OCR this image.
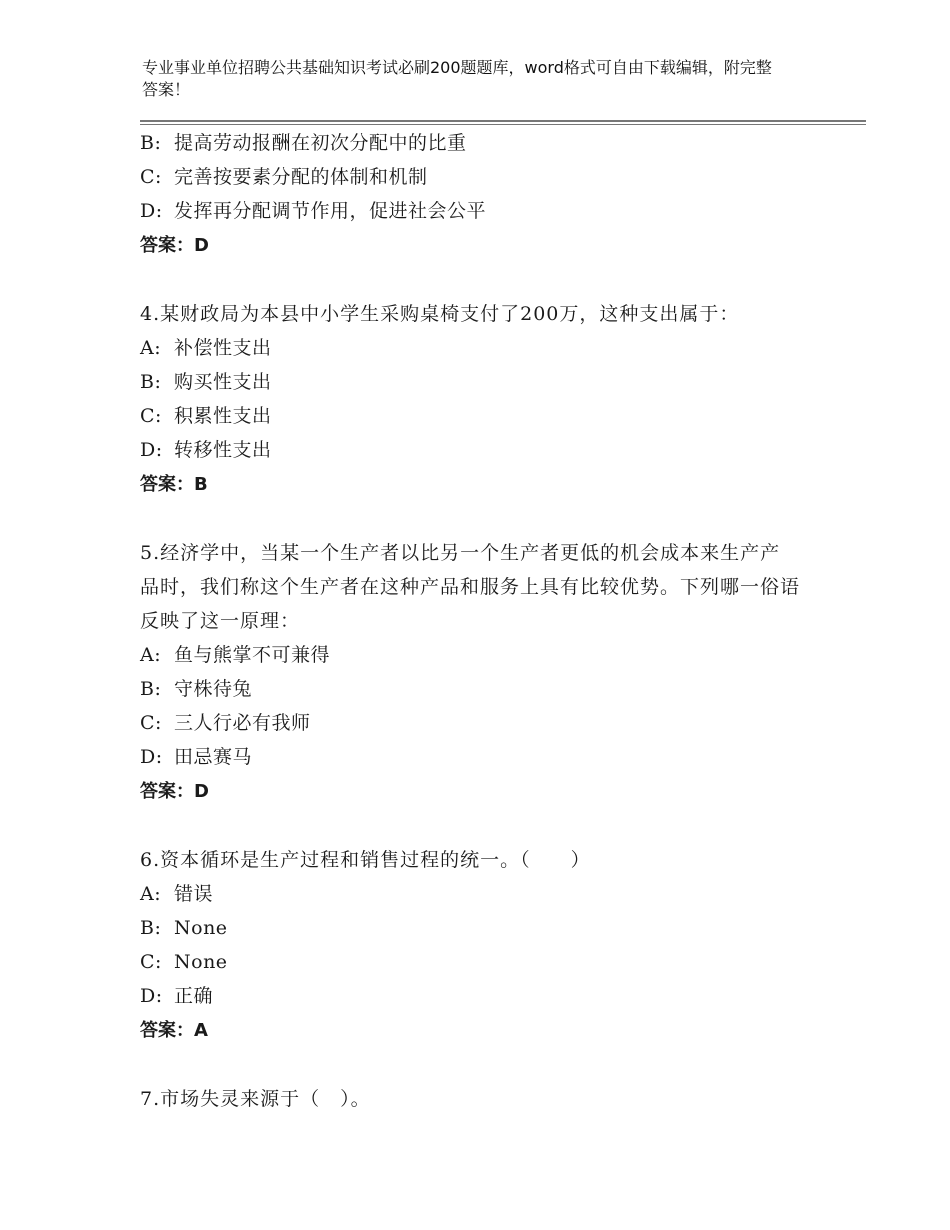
专业事业单位招聘公共基础知识考试必刷200题题库，word格式可自由下载编辑，附完整答案！
B: 提高劳动报酬在初次分配中的比重
C: 完善按要素分配的体制和机制
D: 发挥再分配调节作用，促进社会公平
答案：D
4.某财政局为本县中小学生采购桌椅支付了200万，这种支出属于：
A: 补偿性支出
B: 购买性支出
C: 积累性支出
D: 转移性支出
答案：B
5.经济学中，当某一个生产者以比另一个生产者更低的机会成本来生产产品时，我们称这个生产者在这种产品和服务上具有比较优势。下列哪一俗语反映了这一原理：
A: 鱼与熊掌不可兼得
B: 守株待兔
C: 三人行必有我师
D: 田忌赛马
答案：D
6.资本循环是生产过程和销售过程的统一。（　　）
A: 错误
B: None
C: None
D: 正确
答案：A
7.市场失灵来源于（　）。
